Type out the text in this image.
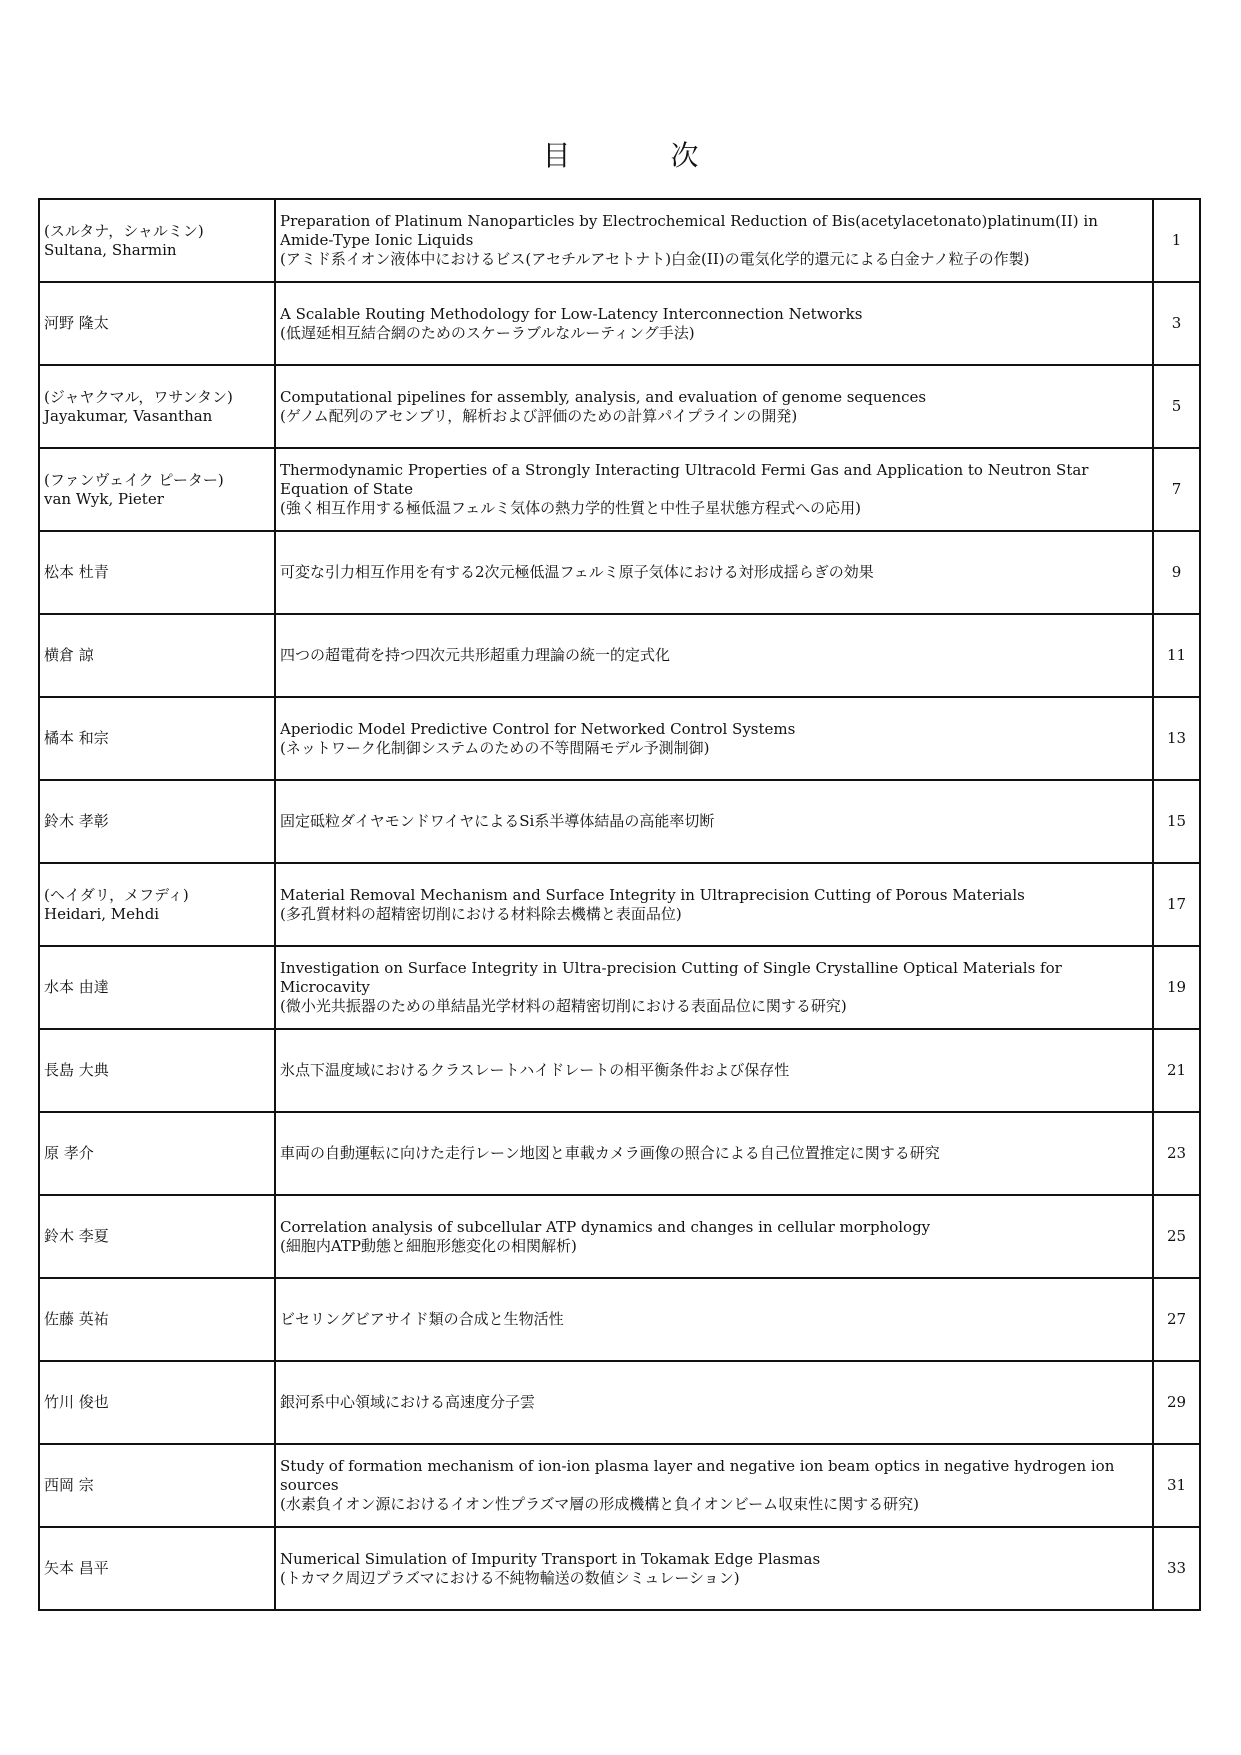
目　次
(スルタナ，シャルミン)
Sultana, Sharmin	Preparation of Platinum Nanoparticles by Electrochemical Reduction of Bis(acetylacetonato)platinum(II) in Amide-Type Ionic Liquids
(アミド系イオン液体中におけるビス(アセチルアセトナト)白金(II)の電気化学的還元による白金ナノ粒子の作製)	1

河野 隆太	A Scalable Routing Methodology for Low-Latency Interconnection Networks
(低遅延相互結合網のためのスケーラブルなルーティング手法)	3

(ジャヤクマル，ワサンタン)
Jayakumar, Vasanthan	Computational pipelines for assembly, analysis, and evaluation of genome sequences
(ゲノム配列のアセンブリ，解析および評価のための計算パイプラインの開発)	5

(ファンヴェイク ピーター)
van Wyk, Pieter	Thermodynamic Properties of a Strongly Interacting Ultracold Fermi Gas and Application to Neutron Star Equation of State
(強く相互作用する極低温フェルミ気体の熱力学的性質と中性子星状態方程式への応用)	7

松本 杜青	可変な引力相互作用を有する2次元極低温フェルミ原子気体における対形成揺らぎの効果	9

横倉 諒	四つの超電荷を持つ四次元共形超重力理論の統一的定式化	11

橘本 和宗	Aperiodic Model Predictive Control for Networked Control Systems
(ネットワーク化制御システムのための不等間隔モデル予測制御)	13

鈴木 孝彰	固定砥粒ダイヤモンドワイヤによるSi系半導体結晶の高能率切断	15

(ヘイダリ，メフディ)
Heidari, Mehdi	Material Removal Mechanism and Surface Integrity in Ultraprecision Cutting of Porous Materials
(多孔質材料の超精密切削における材料除去機構と表面品位)	17

水本 由達	Investigation on Surface Integrity in Ultra-precision Cutting of Single Crystalline Optical Materials for Microcavity
(微小光共振器のための単結晶光学材料の超精密切削における表面品位に関する研究)	19

長島 大典	氷点下温度域におけるクラスレートハイドレートの相平衡条件および保存性	21

原 孝介	車両の自動運転に向けた走行レーン地図と車載カメラ画像の照合による自己位置推定に関する研究	23

鈴木 李夏	Correlation analysis of subcellular ATP dynamics and changes in cellular morphology
(細胞内ATP動態と細胞形態変化の相関解析)	25

佐藤 英祐	ビセリングビアサイド類の合成と生物活性	27

竹川 俊也	銀河系中心領域における高速度分子雲	29

西岡 宗	Study of formation mechanism of ion-ion plasma layer and negative ion beam optics in negative hydrogen ion sources
(水素負イオン源におけるイオン性プラズマ層の形成機構と負イオンビーム収束性に関する研究)	31

矢本 昌平	Numerical Simulation of Impurity Transport in Tokamak Edge Plasmas
(トカマク周辺プラズマにおける不純物輸送の数値シミュレーション)	33
